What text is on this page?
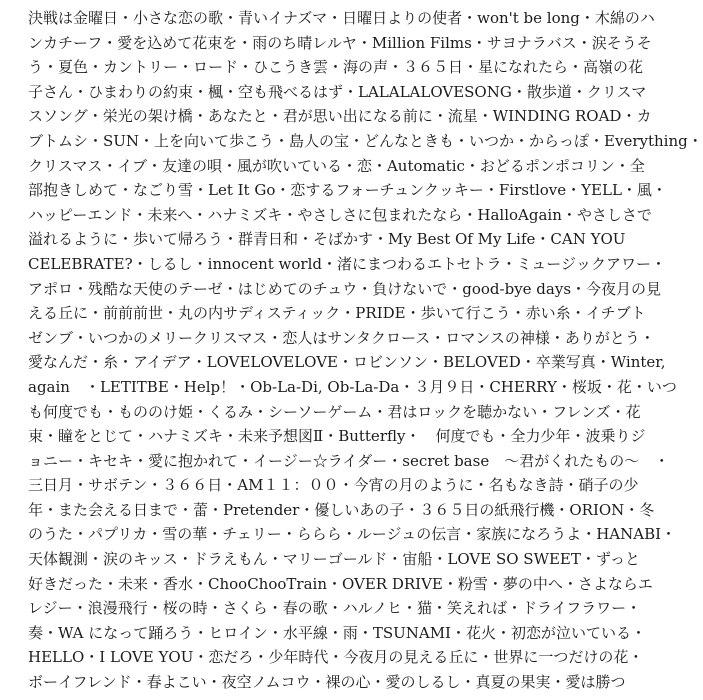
決戦は金曜日・小さな恋の歌・青いイナズマ・日曜日よりの使者・won't be long・木綿のハ
ンカチーフ・愛を込めて花束を・雨のち晴レルヤ・Million Films・サヨナラバス・涙そうそ
う・夏色・カントリー・ロード・ひこうき雲・海の声・３６５日・星になれたら・高嶺の花
子さん・ひまわりの約束・楓・空も飛べるはず・LALALALOVESONG・散歩道・クリスマ
スソング・栄光の架け橋・あなたと・君が思い出になる前に・流星・WINDING ROAD・カ
ブトムシ・SUN・上を向いて歩こう・島人の宝・どんなときも・いつか・からっぽ・Everything・
クリスマス・イブ・友達の唄・風が吹いている・恋・Automatic・おどるポンポコリン・全
部抱きしめて・なごり雪・Let It Go・恋するフォーチュンクッキー・Firstlove・YELL・風・
ハッピーエンド・未来へ・ハナミズキ・やさしさに包まれたなら・HalloAgain・やさしさで
溢れるように・歩いて帰ろう・群青日和・そばかす・My Best Of My Life・CAN YOU
CELEBRATE?・しるし・innocent world・渚にまつわるエトセトラ・ミュージックアワー・
アポロ・残酷な天使のテーゼ・はじめてのチュウ・負けないで・good-bye days・今夜月の見
える丘に・前前前世・丸の内サディスティック・PRIDE・歩いて行こう・赤い糸・イチブト
ゼンブ・いつかのメリークリスマス・恋人はサンタクロース・ロマンスの神様・ありがとう・
愛なんだ・糸・アイデア・LOVELOVELOVE・ロビンソン・BELOVED・卒業写真・Winter,
again　・LETITBE・Help！・Ob-La-Di, Ob-La-Da・３月９日・CHERRY・桜坂・花・いつ
も何度でも・もののけ姫・くるみ・シーソーゲーム・君はロックを聴かない・フレンズ・花
束・瞳をとじて・ハナミズキ・未来予想図Ⅱ・Butterfly・　何度でも・全力少年・波乗りジ
ョニー・キセキ・愛に抱かれて・イージー☆ライダー・secret base　～君がくれたもの～　・
三日月・サボテン・３６６日・AM１１：００・今宵の月のように・名もなき詩・硝子の少
年・また会える日まで・蕾・Pretender・優しいあの子・３６５日の紙飛行機・ORION・冬
のうた・パプリカ・雪の華・チェリー・ららら・ルージュの伝言・家族になろうよ・HANABI・
天体観測・涙のキッス・ドラえもん・マリーゴールド・宙船・LOVE SO SWEET・ずっと
好きだった・未来・香水・ChooChooTrain・OVER DRIVE・粉雪・夢の中へ・さよならエ
レジー・浪漫飛行・桜の時・さくら・春の歌・ハルノヒ・猫・笑えれば・ドライフラワー・
奏・WA になって踊ろう・ヒロイン・水平線・雨・TSUNAMI・花火・初恋が泣いている・
HELLO・I LOVE YOU・恋だろ・少年時代・今夜月の見える丘に・世界に一つだけの花・
ボーイフレンド・春よこい・夜空ノムコウ・裸の心・愛のしるし・真夏の果実・愛は勝つ
